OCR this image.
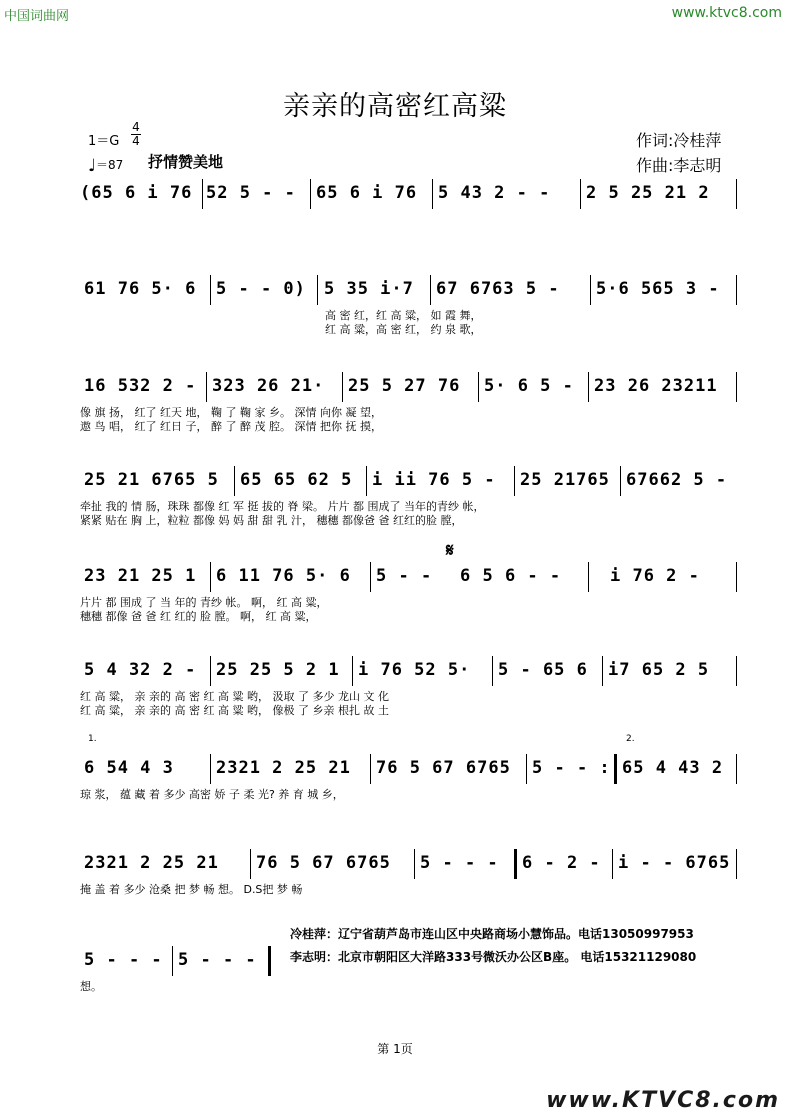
中国词曲网	www.ktvc8.com
亲亲的高密红高粱
1＝G
4
4
♩＝87 抒情赞美地
作词:冷桂萍
作曲:李志明
(65 6 i 76 52 5 - - 65 6 i 76 5 43 2 - - 2 5 25 21 2
61 76 5· 6 5 - - 0) 5 35 i·7 67 6763 5 - 5·6 565 3 -
高 密 红，红 高 粱， 如 霞 舞，
红 高 粱，高 密 红， 约 泉 歌，
16 532 2 - 323 26 21· 25 5 27 76 5· 6 5 - 23 26 23211
像 旗 扬， 红了 红天 地， 鞠 了 鞠 家 乡。 深情 向你 凝 望，
遨 鸟 唱， 红了 红日 子， 醉 了 醉 茂 腔。 深情 把你 抚 摸，
25 21 6765 5 65 65 62 5 i ii 76 5 - 25 21765 67662 5 -
牵扯 我的 情 肠，珠珠 都像 红 军 挺 拔的 脊 梁。 片片 都 围成了 当年的青纱 帐，
紧紧 贴在 胸 上，粒粒 都像 妈 妈 甜 甜 乳 汁， 穗穗 都像爸 爸 红红的脸 膛，
23 21 25 1 6 11 76 5· 6 5 - -
𝄋
6 5 6 - -	i 76 2 -
片片 都 围成 了 当 年的 青纱 帐。 啊， 红 高 粱，
穗穗 都像 爸 爸 红 红的 脸 膛。 啊， 红 高 粱，
5 4 32 2 - 25 25 5 2 1 i 76 52 5· 5 - 65 6 i7 65 2 5
红 高 粱， 亲 亲的 高 密 红 高 粱 哟， 汲取 了 多少 龙山 文 化
红 高 粱， 亲 亲的 高 密 红 高 粱 哟， 像极 了 乡亲 根扎 故 土
1.	2.
6 54 4 3 2321 2 25 21 76 5 67 6765 5 - - : 65 4 43 2
琼 浆， 蕴 藏 着 多少 高密 娇 子 柔 光? 养 育 城 乡，
2321 2 25 21 76 5 67 6765 5 - - - 6 - 2 - i - - 6765
掩 盖 着 多少 沧桑 把 梦 畅 想。 D.S把 梦 畅
5 - - - 5 - - -
想。
冷桂萍：辽宁省葫芦岛市连山区中央路商场小慧饰品。电话13050997953
李志明：北京市朝阳区大洋路333号微沃办公区B座。 电话15321129080
第 1页
www.KTVC8.com
